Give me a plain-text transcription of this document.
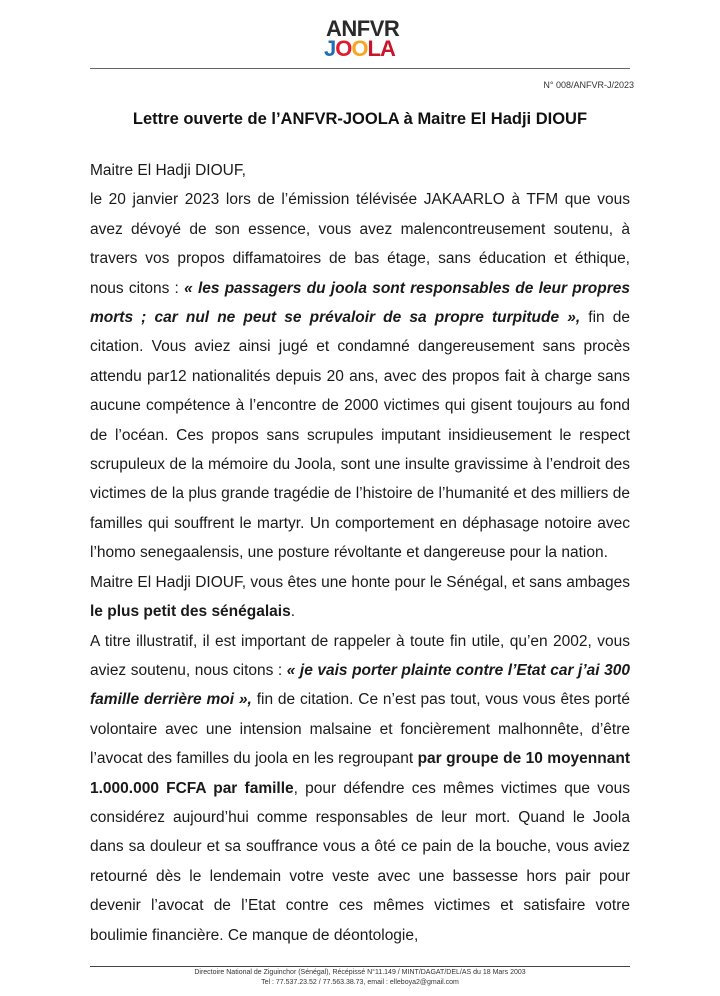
ANFVR
JOOLA
N° 008/ANFVR-J/2023
Lettre ouverte de l’ANFVR-JOOLA à Maitre El Hadji DIOUF

Maitre El Hadji DIOUF,

le 20 janvier 2023 lors de l’émission télévisée JAKAARLO à TFM que vous avez dévoyé de son essence, vous avez malencontreusement soutenu, à travers vos propos diffamatoires de bas étage, sans éducation et éthique, nous citons : « les passagers du joola sont responsables de leur propres morts ; car nul ne peut se prévaloir de sa propre turpitude », fin de citation. Vous aviez ainsi jugé et condamné dangereusement sans procès attendu par12 nationalités depuis 20 ans, avec des propos fait à charge sans aucune compétence à l’encontre de 2000 victimes qui gisent toujours au fond de l’océan. Ces propos sans scrupules imputant insidieusement le respect scrupuleux de la mémoire du Joola, sont une insulte gravissime à l’endroit des victimes de la plus grande tragédie de l’histoire de l’humanité et des milliers de familles qui souffrent le martyr. Un comportement en déphasage notoire avec l’homo senegaalensis, une posture révoltante et dangereuse pour la nation.

Maitre El Hadji DIOUF, vous êtes une honte pour le Sénégal, et sans ambages le plus petit des sénégalais.

A titre illustratif, il est important de rappeler à toute fin utile, qu’en 2002, vous aviez soutenu, nous citons : « je vais porter plainte contre l’Etat car j’ai 300 famille derrière moi », fin de citation. Ce n’est pas tout, vous vous êtes porté volontaire avec une intension malsaine et foncièrement malhonnête, d’être l’avocat des familles du joola en les regroupant par groupe de 10 moyennant 1.000.000 FCFA par famille, pour défendre ces mêmes victimes que vous considérez aujourd’hui comme responsables de leur mort. Quand le Joola dans sa douleur et sa souffrance vous a ôté ce pain de la bouche, vous aviez retourné dès le lendemain votre veste avec une bassesse hors pair pour devenir l’avocat de l’Etat contre ces mêmes victimes et satisfaire votre boulimie financière. Ce manque de déontologie,

Directoire National de Ziguinchor (Sénégal), Récépissé N°11.149 / MINT/DAGAT/DEL/AS du 18 Mars 2003
Tel : 77.537.23.52 / 77.563.38.73, email : elleboya2@gmail.com
